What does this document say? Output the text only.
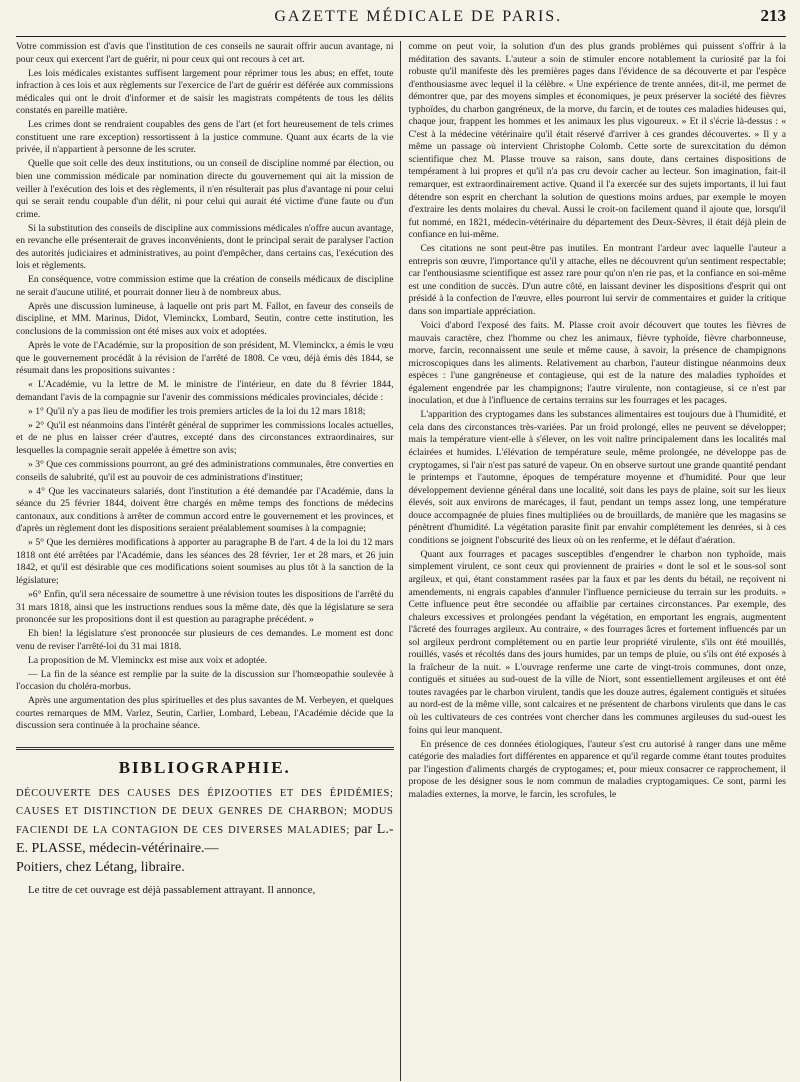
GAZETTE MÉDICALE DE PARIS.	213

Votre commission est d'avis que l'institution de ces conseils ne saurait offrir aucun avantage, ni pour ceux qui exercent l'art de guérir, ni pour ceux qui ont recours à cet art.

Les lois médicales existantes suffisent largement pour réprimer tous les abus; en effet, toute infraction à ces lois et aux règlements sur l'exercice de l'art de guérir est déférée aux commissions médicales qui ont le droit d'informer et de saisir les magistrats compétents de tous les délits constatés en pareille matière.

Les crimes dont se rendraient coupables des gens de l'art (et fort heureusement de tels crimes constituent une rare exception) ressortissent à la justice commune. Quant aux écarts de la vie privée, il n'appartient à personne de les scruter.

Quelle que soit celle des deux institutions, ou un conseil de discipline nommé par élection, ou bien une commission médicale par nomination directe du gouvernement qui ait la mission de veiller à l'exécution des lois et des règlements, il n'en résulterait pas plus d'avantage ni pour celui qui se serait rendu coupable d'un délit, ni pour celui qui aurait été victime d'une faute ou d'un crime.

Si la substitution des conseils de discipline aux commissions médicales n'offre aucun avantage, en revanche elle présenterait de graves inconvénients, dont le principal serait de paralyser l'action des autorités judiciaires et administratives, au point d'empêcher, dans certains cas, l'exécution des lois et règlements.

En conséquence, votre commission estime que la création de conseils médicaux de discipline ne serait d'aucune utilité, et pourrait donner lieu à de nombreux abus.

Après une discussion lumineuse, à laquelle ont pris part M. Fallot, en faveur des conseils de discipline, et MM. Marinus, Didot, Vleminckx, Lombard, Seutin, contre cette institution, les conclusions de la commission ont été mises aux voix et adoptées.

Après le vote de l'Académie, sur la proposition de son président, M. Vleminckx, a émis le vœu que le gouvernement procédât à la révision de l'arrêté de 1808. Ce vœu, déjà émis dès 1844, se résumait dans les propositions suivantes :

« L'Académie, vu la lettre de M. le ministre de l'intérieur, en date du 8 février 1844, demandant l'avis de la compagnie sur l'avenir des commissions médicales provinciales, décide :

» 1° Qu'il n'y a pas lieu de modifier les trois premiers articles de la loi du 12 mars 1818;

» 2° Qu'il est néanmoins dans l'intérêt général de supprimer les commissions locales actuelles, et de ne plus en laisser créer d'autres, excepté dans des circonstances extraordinaires, sur lesquelles la compagnie serait appelée à émettre son avis;

» 3° Que ces commissions pourront, au gré des administrations communales, être converties en conseils de salubrité, qu'il est au pouvoir de ces administrations d'instituer;

» 4° Que les vaccinateurs salariés, dont l'institution a été demandée par l'Académie, dans la séance du 25 février 1844, doivent être chargés en même temps des fonctions de médecins cantonaux, aux conditions à arrêter de commun accord entre le gouvernement et les provinces, et d'après un règlement dont les dispositions seraient préalablement soumises à la compagnie;

» 5° Que les dernières modifications à apporter au paragraphe B de l'art. 4 de la loi du 12 mars 1818 ont été arrêtées par l'Académie, dans les séances des 28 février, 1er et 28 mars, et 26 juin 1842, et qu'il est désirable que ces modifications soient soumises au plus tôt à la sanction de la législature;

»6° Enfin, qu'il sera nécessaire de soumettre à une révision toutes les dispositions de l'arrêté du 31 mars 1818, ainsi que les instructions rendues sous la même date, dès que la législature se sera prononcée sur les propositions dont il est question au paragraphe précédent. »

Eh bien! la législature s'est prononcée sur plusieurs de ces demandes. Le moment est donc venu de reviser l'arrêté-loi du 31 mai 1818.

La proposition de M. Vleminckx est mise aux voix et adoptée.

— La fin de la séance est remplie par la suite de la discussion sur l'homœopathie soulevée à l'occasion du choléra-morbus.

Après une argumentation des plus spirituelles et des plus savantes de M. Verbeyen, et quelques courtes remarques de MM. Varlez, Seutin, Carlier, Lombard, Lebeau, l'Académie décide que la discussion sera continuée à la prochaine séance.

BIBLIOGRAPHIE.
DÉCOUVERTE DES CAUSES DES ÉPIZOOTIES ET DES ÉPIDÉMIES; CAUSES ET DISTINCTION DE DEUX GENRES DE CHARBON; MODUS FACIENDI DE LA CONTAGION DE CES DIVERSES MALADIES; par L.-E. PLASSE, médecin-vétérinaire.—
Poitiers, chez Létang, libraire.

Le titre de cet ouvrage est déjà passablement attrayant. Il annonce,

comme on peut voir, la solution d'un des plus grands problèmes qui puissent s'offrir à la méditation des savants. L'auteur a soin de stimuler encore notablement la curiosité par la foi robuste qu'il manifeste dès les premières pages dans l'évidence de sa découverte et par l'espèce d'enthousiasme avec lequel il la célèbre. « Une expérience de trente années, dit-il, me permet de démontrer que, par des moyens simples et économiques, je peux préserver la société des fièvres typhoïdes, du charbon gangréneux, de la morve, du farcin, et de toutes ces maladies hideuses qui, chaque jour, frappent les hommes et les animaux les plus vigoureux. » Et il s'écrie là-dessus : « C'est à la médecine vétérinaire qu'il était réservé d'arriver à ces grandes découvertes. » Il y a même un passage où intervient Christophe Colomb. Cette sorte de surexcitation du démon scientifique chez M. Plasse trouve sa raison, sans doute, dans certaines dispositions de tempérament à lui propres et qu'il n'a pas cru devoir cacher au lecteur. Son imagination, fait-il remarquer, est extraordinairement active. Quand il l'a exercée sur des sujets importants, il lui faut détendre son esprit en cherchant la solution de questions moins ardues, par exemple le moyen d'extraire les dents molaires du cheval. Aussi le croit-on facilement quand il ajoute que, lorsqu'il fut nommé, en 1821, médecin-vétérinaire du département des Deux-Sèvres, il était déjà plein de confiance en lui-même.

Ces citations ne sont peut-être pas inutiles. En montrant l'ardeur avec laquelle l'auteur a entrepris son œuvre, l'importance qu'il y attache, elles ne découvrent qu'un sentiment respectable; car l'enthousiasme scientifique est assez rare pour qu'on n'en rie pas, et la confiance en soi-même est une condition de succès. D'un autre côté, en laissant deviner les dispositions d'esprit qui ont présidé à la confection de l'œuvre, elles pourront lui servir de commentaires et guider la critique dans son impartiale appréciation.

Voici d'abord l'exposé des faits. M. Plasse croit avoir découvert que toutes les fièvres de mauvais caractère, chez l'homme ou chez les animaux, fièvre typhoïde, fièvre charbonneuse, morve, farcin, reconnaissent une seule et même cause, à savoir, la présence de champignons microscopiques dans les aliments. Relativement au charbon, l'auteur distingue néanmoins deux espèces : l'une gangréneuse et contagieuse, qui est de la nature des maladies typhoïdes et également engendrée par les champignons; l'autre virulente, non contagieuse, si ce n'est par inoculation, et due à l'influence de certains terrains sur les fourrages et les pacages.

L'apparition des cryptogames dans les substances alimentaires est toujours due à l'humidité, et cela dans des circonstances très-variées. Par un froid prolongé, elles ne peuvent se développer; mais la température vient-elle à s'élever, on les voit naître principalement dans les localités mal éclairées et humides. L'élévation de température seule, même prolongée, ne développe pas de cryptogames, si l'air n'est pas saturé de vapeur. On en observe surtout une grande quantité pendant le printemps et l'automne, époques de température moyenne et d'humidité. Pour que leur développement devienne général dans une localité, soit dans les pays de plaine, soit sur les lieux élevés, soit aux environs de marécages, il faut, pendant un temps assez long, une température douce accompagnée de pluies fines multipliées ou de brouillards, de manière que les magasins se pénètrent d'humidité. La végétation parasite finit par envahir complétement les denrées, si à ces conditions se joignent l'obscurité des lieux où on les renferme, et le défaut d'aération.

Quant aux fourrages et pacages susceptibles d'engendrer le charbon non typhoïde, mais simplement virulent, ce sont ceux qui proviennent de prairies « dont le sol et le sous-sol sont argileux, et qui, étant constamment rasées par la faux et par les dents du bétail, ne reçoivent ni amendements, ni engrais capables d'annuler l'influence pernicieuse du terrain sur les produits. » Cette influence peut être secondée ou affaiblie par certaines circonstances. Par exemple, des chaleurs excessives et prolongées pendant la végétation, en emportant les engrais, augmentent l'âcreté des fourrages argileux. Au contraire, « des fourrages âcres et fortement influencés par un sol argileux perdront complétement ou en partie leur propriété virulente, s'ils ont été mouillés, rouillés, vasés et récoltés dans des jours humides, par un temps de pluie, ou s'ils ont été exposés à la fraîcheur de la nuit. » L'ouvrage renferme une carte de vingt-trois communes, dont onze, contiguës et situées au sud-ouest de la ville de Niort, sont essentiellement argileuses et ont été toutes ravagées par le charbon virulent, tandis que les douze autres, également contiguës et situées au nord-est de la même ville, sont calcaires et ne présentent de charbons virulents que dans le cas où les cultivateurs de ces contrées vont chercher dans les communes argileuses du sud-ouest les foins qui leur manquent.

En présence de ces données étiologiques, l'auteur s'est cru autorisé à ranger dans une même catégorie des maladies fort différentes en apparence et qu'il regarde comme étant toutes produites par l'ingestion d'aliments chargés de cryptogames; et, pour mieux consacrer ce rapprochement, il propose de les désigner sous le nom commun de maladies cryptogamiques. Ce sont, parmi les maladies externes, la morve, le farcin, les scrofules, le
